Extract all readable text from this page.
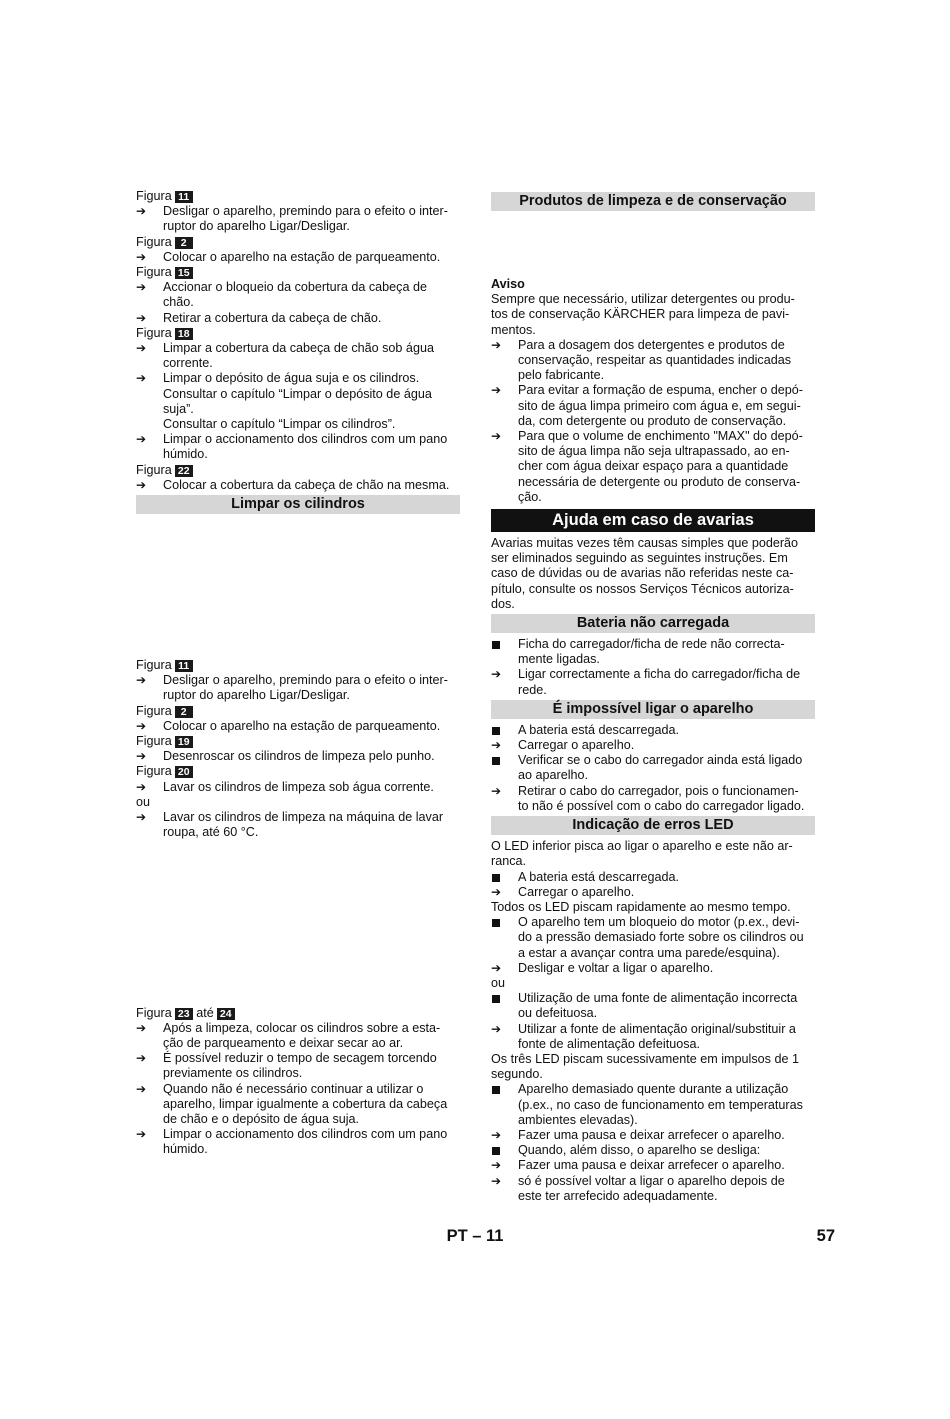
Figura 11
➔	Desligar o aparelho, premindo para o efeito o inter-
ruptor do aparelho Ligar/Desligar.
Figura 2
➔	Colocar o aparelho na estação de parqueamento.
Figura 15
➔	Accionar o bloqueio da cobertura da cabeça de
chão.
➔	Retirar a cobertura da cabeça de chão.
Figura 18
➔	Limpar a cobertura da cabeça de chão sob água
corrente.
➔	Limpar o depósito de água suja e os cilindros.
Consultar o capítulo “Limpar o depósito de água
suja”.
Consultar o capítulo “Limpar os cilindros”.
➔	Limpar o accionamento dos cilindros com um pano
húmido.
Figura 22
➔	Colocar a cobertura da cabeça de chão na mesma.
Limpar os cilindros
Figura 11
➔	Desligar o aparelho, premindo para o efeito o inter-
ruptor do aparelho Ligar/Desligar.
Figura 2
➔	Colocar o aparelho na estação de parqueamento.
Figura 19
➔	Desenroscar os cilindros de limpeza pelo punho.
Figura 20
➔	Lavar os cilindros de limpeza sob água corrente.
ou
➔	Lavar os cilindros de limpeza na máquina de lavar
roupa, até 60 °C.
Figura 23 até 24
➔	Após a limpeza, colocar os cilindros sobre a esta-
ção de parqueamento e deixar secar ao ar.
➔	É possível reduzir o tempo de secagem torcendo
previamente os cilindros.
➔	Quando não é necessário continuar a utilizar o
aparelho, limpar igualmente a cobertura da cabeça
de chão e o depósito de água suja.
➔	Limpar o accionamento dos cilindros com um pano
húmido.
Produtos de limpeza e de conservação
Aviso
Sempre que necessário, utilizar detergentes ou produ-
tos de conservação KÄRCHER para limpeza de pavi-
mentos.
➔	Para a dosagem dos detergentes e produtos de
conservação, respeitar as quantidades indicadas
pelo fabricante.
➔	Para evitar a formação de espuma, encher o depó-
sito de água limpa primeiro com água e, em segui-
da, com detergente ou produto de conservação.
➔	Para que o volume de enchimento "MAX" do depó-
sito de água limpa não seja ultrapassado, ao en-
cher com água deixar espaço para a quantidade
necessária de detergente ou produto de conserva-
ção.
Ajuda em caso de avarias
Avarias muitas vezes têm causas simples que poderão
ser eliminados seguindo as seguintes instruções. Em
caso de dúvidas ou de avarias não referidas neste ca-
pítulo, consulte os nossos Serviços Técnicos autoriza-
dos.
Bateria não carregada
Ficha do carregador/ficha de rede não correcta-
mente ligadas.
➔	Ligar correctamente a ficha do carregador/ficha de
rede.
É impossível ligar o aparelho
A bateria está descarregada.
➔	Carregar o aparelho.
Verificar se o cabo do carregador ainda está ligado
ao aparelho.
➔	Retirar o cabo do carregador, pois o funcionamen-
to não é possível com o cabo do carregador ligado.
Indicação de erros LED
O LED inferior pisca ao ligar o aparelho e este não ar-
ranca.
A bateria está descarregada.
➔	Carregar o aparelho.
Todos os LED piscam rapidamente ao mesmo tempo.
O aparelho tem um bloqueio do motor (p.ex., devi-
do a pressão demasiado forte sobre os cilindros ou
a estar a avançar contra uma parede/esquina).
➔	Desligar e voltar a ligar o aparelho.
ou
Utilização de uma fonte de alimentação incorrecta
ou defeituosa.
➔	Utilizar a fonte de alimentação original/substituir a
fonte de alimentação defeituosa.
Os três LED piscam sucessivamente em impulsos de 1
segundo.
Aparelho demasiado quente durante a utilização
(p.ex., no caso de funcionamento em temperaturas
ambientes elevadas).
➔	Fazer uma pausa e deixar arrefecer o aparelho.
Quando, além disso, o aparelho se desliga:
➔	Fazer uma pausa e deixar arrefecer o aparelho.
➔	só é possível voltar a ligar o aparelho depois de
este ter arrefecido adequadamente.
PT – 11	57
